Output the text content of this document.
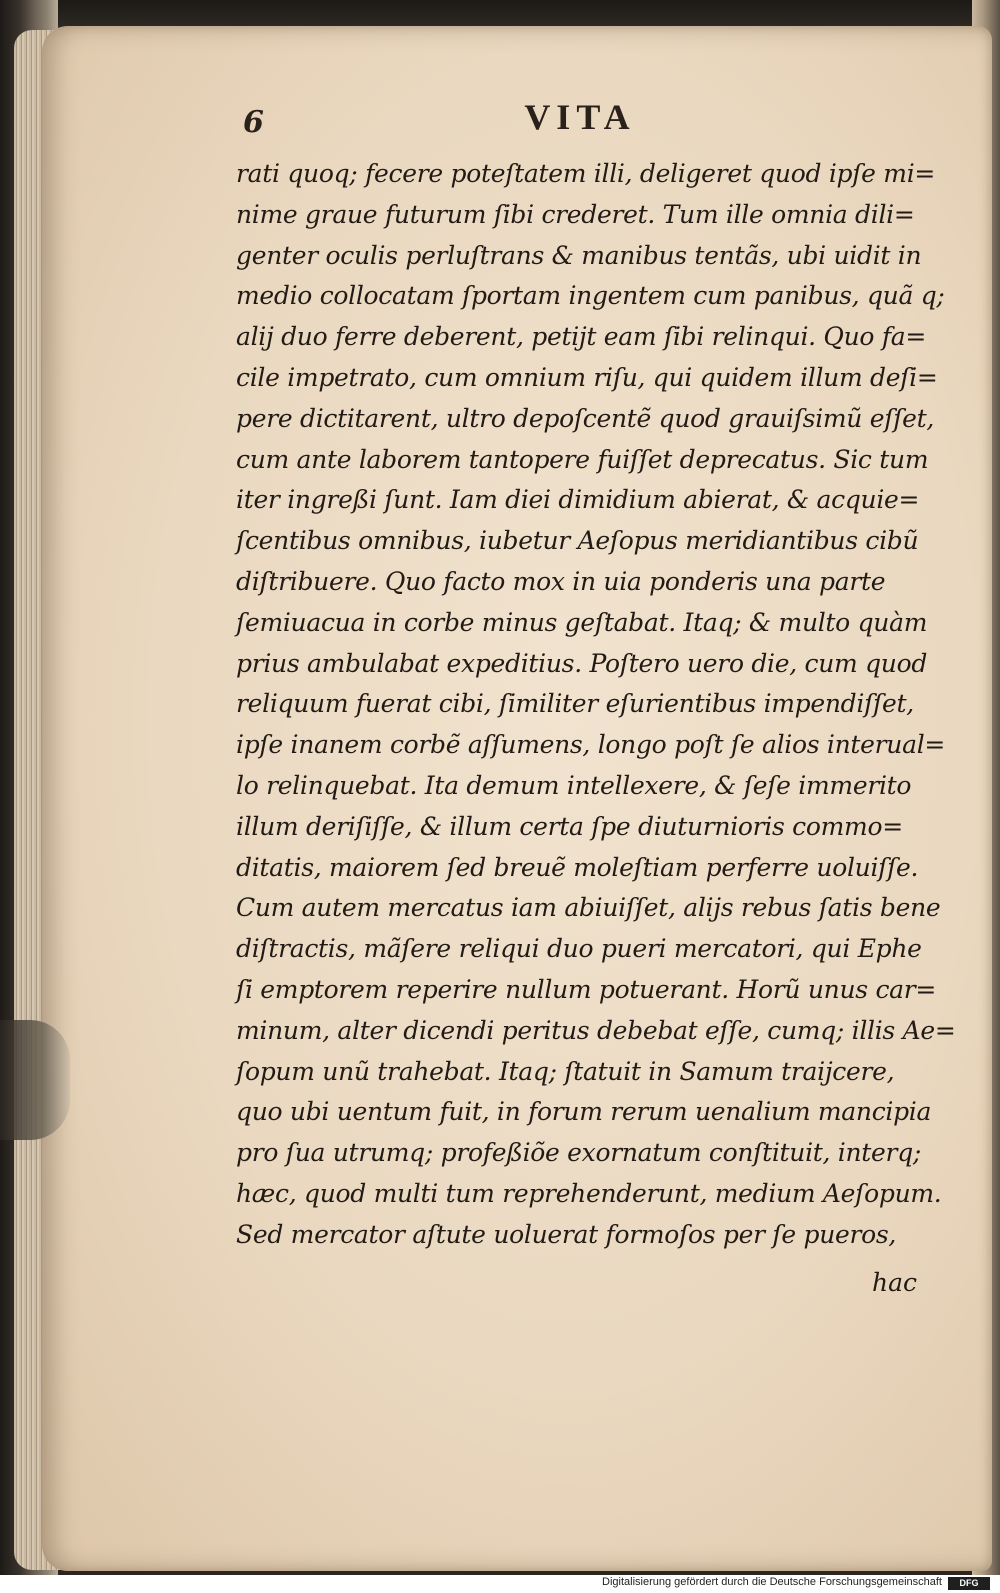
6	VITA
rati quoq; fecere poteſtatem illi, deligeret quod ipſe mi=
nime graue futurum ſibi crederet. Tum ille omnia dili=
genter oculis perluſtrans & manibus tentãs, ubi uidit in
medio collocatam ſportam ingentem cum panibus, quã q;
alij duo ferre deberent, petijt eam ſibi relinqui. Quo fa=
cile impetrato, cum omnium riſu, qui quidem illum deſi=
pere dictitarent, ultro depoſcentẽ quod grauiſsimũ eſſet,
cum ante laborem tantopere fuiſſet deprecatus. Sic tum
iter ingreßi ſunt. Iam diei dimidium abierat, & acquie=
ſcentibus omnibus, iubetur Aeſopus meridiantibus cibũ
diſtribuere. Quo facto mox in uia ponderis una parte
ſemiuacua in corbe minus geſtabat. Itaq; & multo quàm
prius ambulabat expeditius. Poſtero uero die, cum quod
reliquum fuerat cibi, ſimiliter eſurientibus impendiſſet,
ipſe inanem corbẽ aſſumens, longo poſt ſe alios interual=
lo relinquebat. Ita demum intellexere, & ſeſe immerito
illum deriſiſſe, & illum certa ſpe diuturnioris commo=
ditatis, maiorem ſed breuẽ moleſtiam perferre uoluiſſe.
Cum autem mercatus iam abiuiſſet, alijs rebus ſatis bene
diſtractis, mãſere reliqui duo pueri mercatori, qui Ephe
ſi emptorem reperire nullum potuerant. Horũ unus car=
minum, alter dicendi peritus debebat eſſe, cumq; illis Ae=
ſopum unũ trahebat. Itaq; ſtatuit in Samum traijcere,
quo ubi uentum fuit, in forum rerum uenalium mancipia
pro ſua utrumq; profeßiõe exornatum conſtituit, interq;
hæc, quod multi tum reprehenderunt, medium Aeſopum.
Sed mercator aſtute uoluerat formoſos per ſe pueros,
hac
Digitalisierung gefördert durch die Deutsche Forschungsgemeinschaft	DFG
